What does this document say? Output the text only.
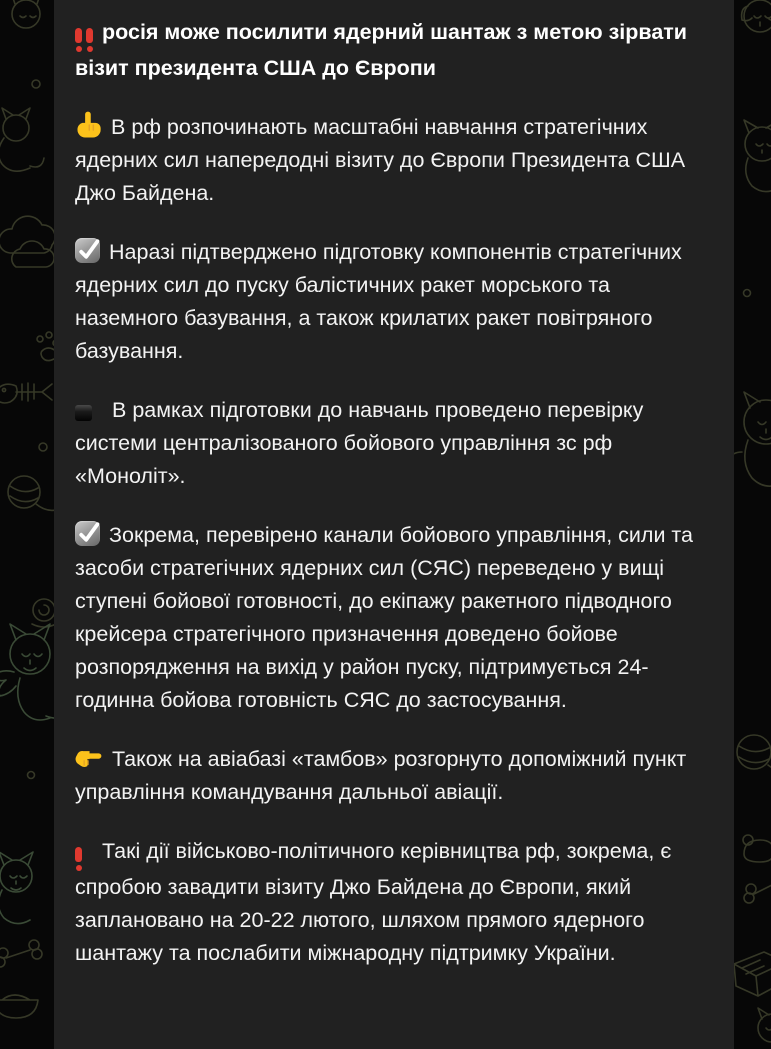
росія може посилити ядерний шантаж з метою зірвати візит президента США до Європи

В рф розпочинають масштабні навчання стратегічних ядерних сил напередодні візиту до Європи Президента США Джо Байдена.

Наразі підтверджено підготовку компонентів стратегічних ядерних сил до пуску балістичних ракет морського та наземного базування, а також крилатих ракет повітряного базування.

В рамках підготовки до навчань проведено перевірку системи централізованого бойового управління зс рф «Моноліт».

Зокрема, перевірено канали бойового управління, сили та засоби стратегічних ядерних сил (СЯС) переведено у вищі ступені бойової готовності, до екіпажу ракетного підводного крейсера стратегічного призначення доведено бойове розпорядження на вихід у район пуску, підтримується 24-годинна бойова готовність СЯС до застосування.

Також на авіабазі «тамбов» розгорнуто допоміжний пункт управління командування дальньої авіації.

Такі дії військово-політичного керівництва рф, зокрема, є спробою завадити візиту Джо Байдена до Європи, який заплановано на 20-22 лютого, шляхом прямого ядерного шантажу та послабити міжнародну підтримку України.
